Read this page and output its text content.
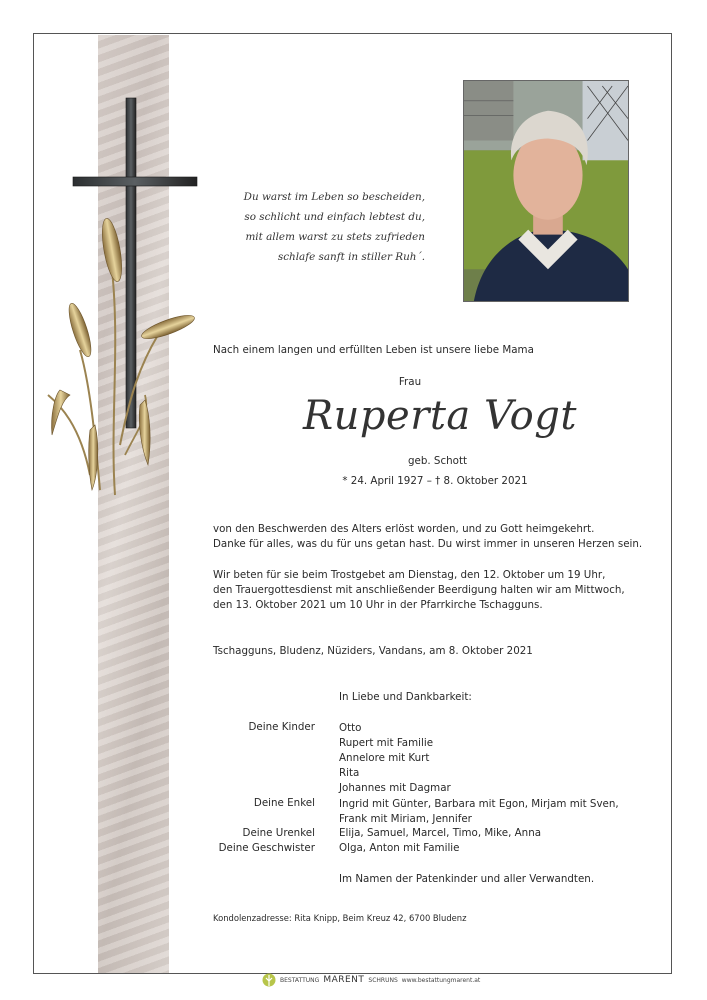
Du warst im Leben so bescheiden,
so schlicht und einfach lebtest du,
mit allem warst zu stets zufrieden
schlafe sanft in stiller Ruh´.
Nach einem langen und erfüllten Leben ist unsere liebe Mama
Frau
Ruperta Vogt
geb. Schott
* 24. April 1927 – † 8. Oktober 2021
von den Beschwerden des Alters erlöst worden, und zu Gott heimgekehrt.
Danke für alles, was du für uns getan hast. Du wirst immer in unseren Herzen sein.
Wir beten für sie beim Trostgebet am Dienstag, den 12. Oktober um 19 Uhr,
den Trauergottesdienst mit anschließender Beerdigung halten wir am Mittwoch,
den 13. Oktober 2021 um 10 Uhr in der Pfarrkirche Tschagguns.
Tschagguns, Bludenz, Nüziders, Vandans, am 8. Oktober 2021
In Liebe und Dankbarkeit:
Deine Kinder
Deine Enkel
Deine Urenkel
Deine Geschwister
Otto
Rupert mit Familie
Annelore mit Kurt
Rita
Johannes mit Dagmar
Ingrid mit Günter, Barbara mit Egon, Mirjam mit Sven,
Frank mit Miriam, Jennifer
Elija, Samuel, Marcel, Timo, Mike, Anna
Olga, Anton mit Familie
Im Namen der Patenkinder und aller Verwandten.
Kondolenzadresse: Rita Knipp, Beim Kreuz 42, 6700 Bludenz
BESTATTUNG MARENT SCHRUNS www.bestattungmarent.at
